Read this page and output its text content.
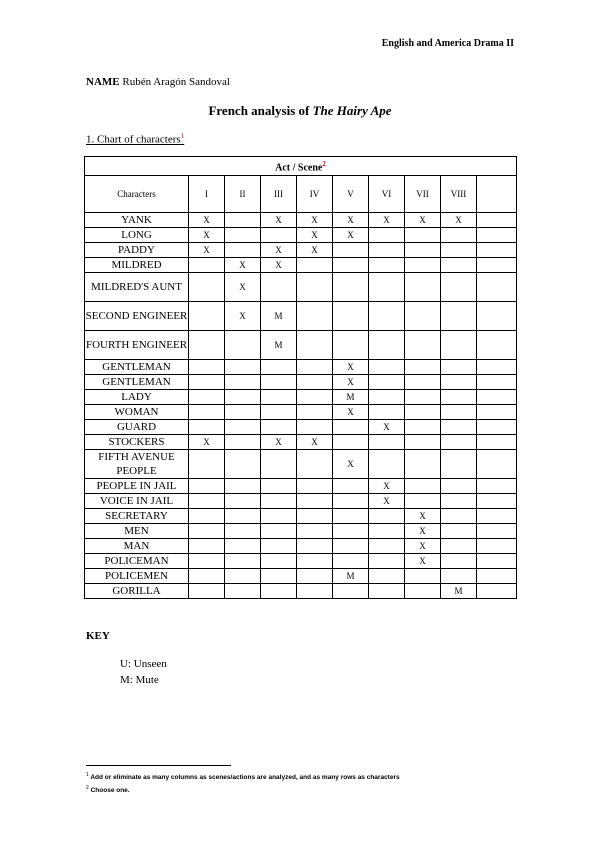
English and America Drama II
NAME Rubén Aragón Sandoval
French analysis of The Hairy Ape
1. Chart of characters$^1$
Act / Scene$^2$
Characters	I	II	III	IV	V	VI	VII	VIII	
YANK	X		X	X	X	X	X	X	
LONG	X			X	X				
PADDY	X		X	X					
MILDRED		X	X						
MILDRED'S AUNT		X							
SECOND ENGINEER		X	M						
FOURTH ENGINEER			M						
GENTLEMAN					X				
GENTLEMAN					X				
LADY					M				
WOMAN					X				
GUARD						X			
STOCKERS	X		X	X					
FIFTH AVENUE PEOPLE					X				
PEOPLE IN JAIL						X			
VOICE IN JAIL						X			
SECRETARY							X		
MEN							X		
MAN							X		
POLICEMAN							X		
POLICEMEN					M				
GORILLA								M	
KEY
U: Unseen
M: Mute
$^1$ Add or eliminate as many columns as scenes/actions are analyzed, and as many rows as characters
$^2$ Choose one.
